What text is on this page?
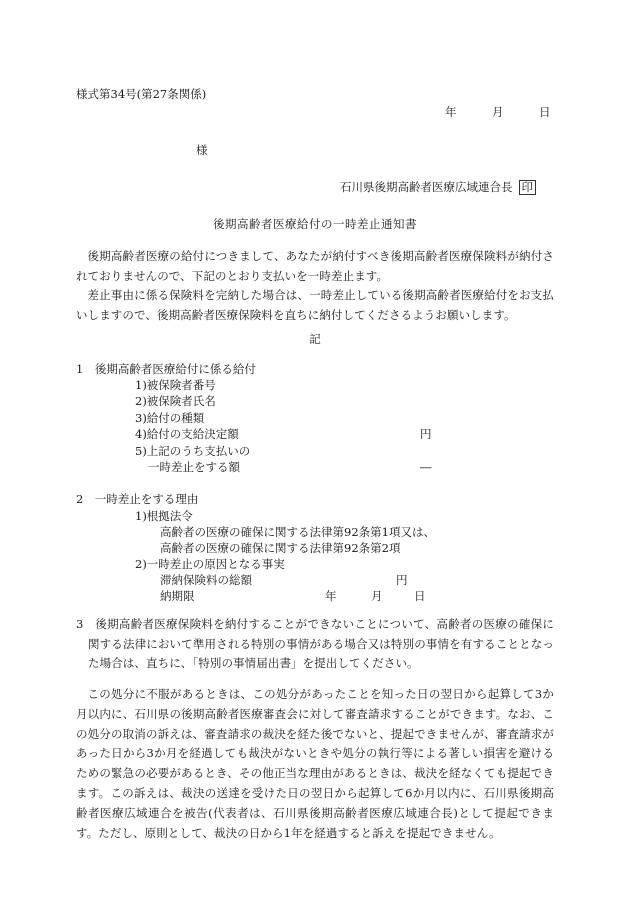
様式第34号(第27条関係)
年	月	日
様
石川県後期高齢者医療広域連合長 印
後期高齢者医療給付の一時差止通知書
後期高齢者医療の給付につきまして、あなたが納付すべき後期高齢者医療保険料が納付されておりませんので、下記のとおり支払いを一時差止ます。
差止事由に係る保険料を完納した場合は、一時差止している後期高齢者医療給付をお支払いしますので、後期高齢者医療保険料を直ちに納付してくださるようお願いします。
記
1　後期高齢者医療給付に係る給付
1)被保険者番号
2)被保険者氏名
3)給付の種類
4)給付の支給決定額	円
5)上記のうち支払いの
一時差止をする額	―
2　一時差止をする理由
1)根拠法令
高齢者の医療の確保に関する法律第92条第1項又は、
高齢者の医療の確保に関する法律第92条第2項
2)一時差止の原因となる事実
滞納保険料の総額	円
納期限	年	月	日
3　後期高齢者医療保険料を納付することができないことについて、高齢者の医療の確保に関する法律において準用される特別の事情がある場合又は特別の事情を有することとなった場合は、直ちに、「特別の事情届出書」を提出してください。
この処分に不服があるときは、この処分があったことを知った日の翌日から起算して3か月以内に、石川県の後期高齢者医療審査会に対して審査請求することができます。なお、この処分の取消の訴えは、審査請求の裁決を経た後でないと、提起できませんが、審査請求があった日から3か月を経過しても裁決がないときや処分の執行等による著しい損害を避けるための緊急の必要があるとき、その他正当な理由があるときは、裁決を経なくても提起できます。この訴えは、裁決の送達を受けた日の翌日から起算して6か月以内に、石川県後期高齢者医療広域連合を被告(代表者は、石川県後期高齢者医療広域連合長)として提起できます。ただし、原則として、裁決の日から1年を経過すると訴えを提起できません。
